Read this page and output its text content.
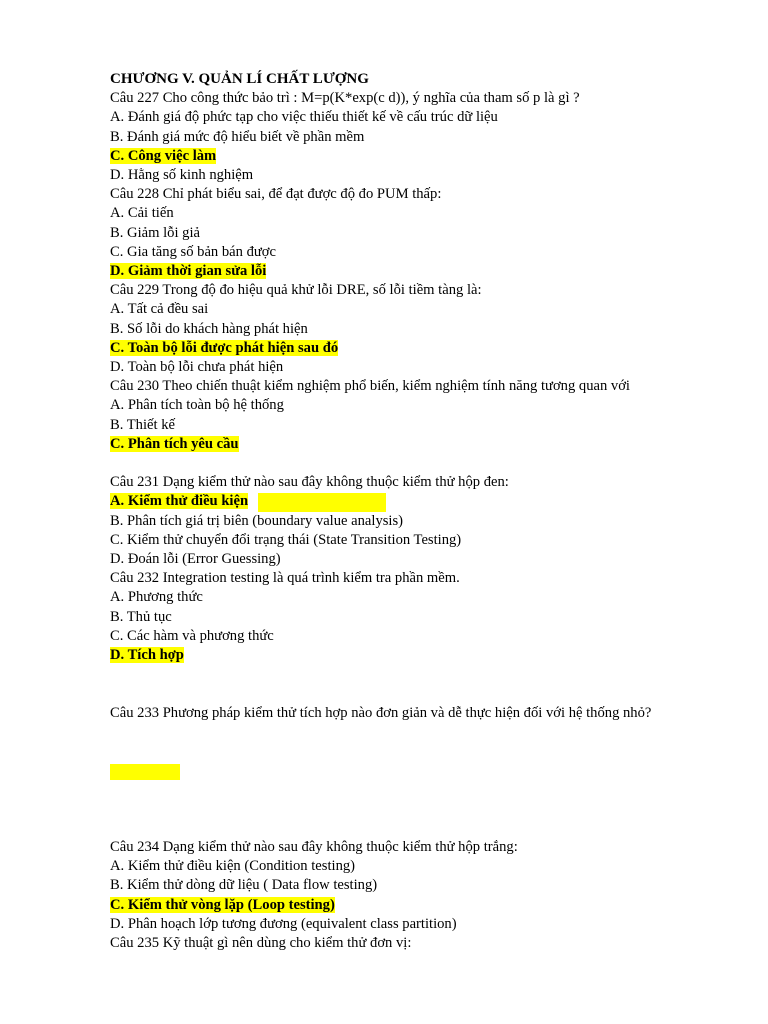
CHƯƠNG V. QUẢN LÍ CHẤT LƯỢNG
Câu 227 Cho công thức bảo trì : M=p(K*exp(c d)), ý nghĩa của tham số p là gì ?
A. Đánh giá độ phức tạp cho việc thiếu thiết kế về cấu trúc dữ liệu
B. Đánh giá mức độ hiểu biết về phần mềm
C. Công việc làm
D. Hằng số kinh nghiệm
Câu 228 Chỉ phát biểu sai, để đạt được độ đo PUM thấp:
A. Cải tiến
B. Giảm lỗi giả
C. Gia tăng số bản bán được
D. Giảm thời gian sửa lỗi
Câu 229 Trong độ đo hiệu quả khử lỗi DRE, số lỗi tiềm tàng là:
A. Tất cả đều sai
B. Số lỗi do khách hàng phát hiện
C. Toàn bộ lỗi được phát hiện sau đó
D. Toàn bộ lỗi chưa phát hiện
Câu 230 Theo chiến thuật kiểm nghiệm phổ biến, kiểm nghiệm tính năng tương quan với
A. Phân tích toàn bộ hệ thống
B. Thiết kế
C. Phân tích yêu cầu
Câu 231 Dạng kiểm thử nào sau đây không thuộc kiểm thử hộp đen:
A. Kiểm thử điều kiện
B. Phân tích giá trị biên (boundary value analysis)
C. Kiểm thử chuyển đổi trạng thái (State Transition Testing)
D. Đoán lỗi (Error Guessing)
Câu 232 Integration testing là quá trình kiểm tra phần mềm.
A. Phương thức
B. Thủ tục
C. Các hàm và phương thức
D. Tích hợp
Câu 233 Phương pháp kiểm thử tích hợp nào đơn giản và dễ thực hiện đối với hệ thống nhỏ?
Câu 234 Dạng kiểm thử nào sau đây không thuộc kiểm thử hộp trắng:
A. Kiểm thử điều kiện (Condition testing)
B. Kiểm thử dòng dữ liệu ( Data flow testing)
C. Kiểm thử vòng lặp (Loop testing)
D. Phân hoạch lớp tương đương (equivalent class partition)
Câu 235 Kỹ thuật gì nên dùng cho kiểm thử đơn vị:
